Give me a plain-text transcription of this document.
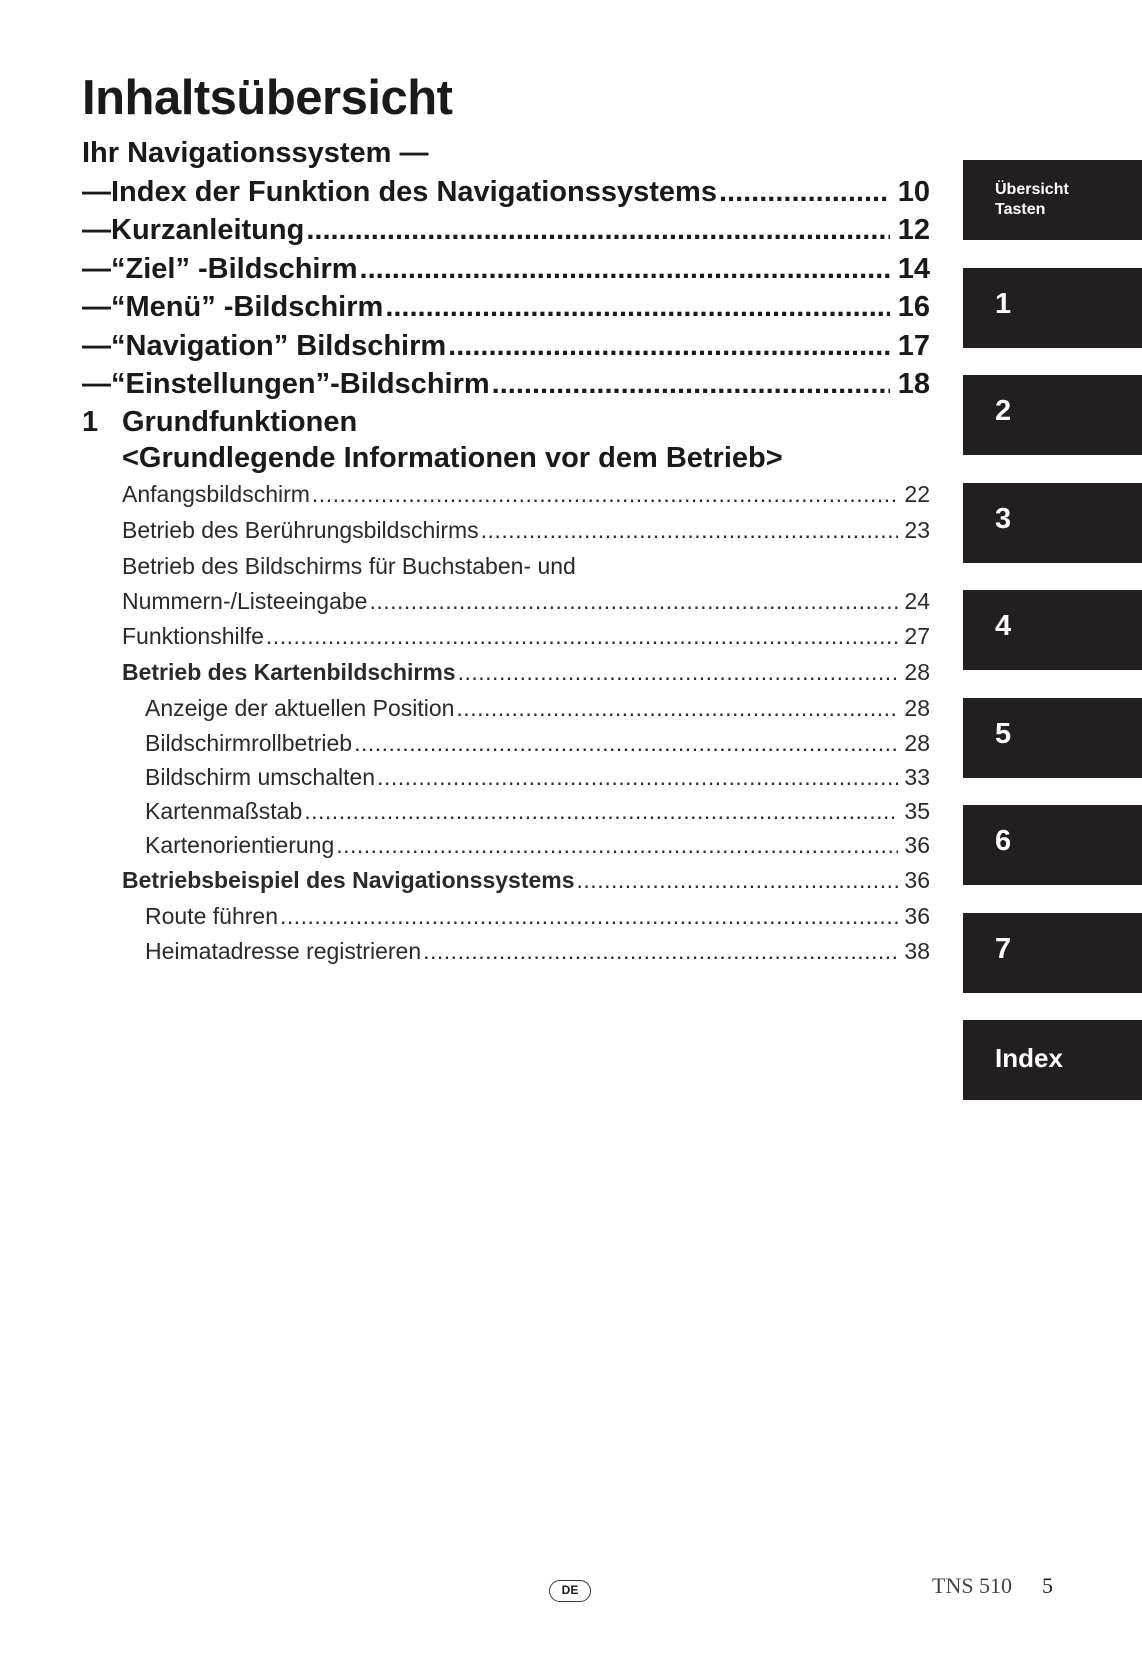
Inhaltsübersicht
Ihr Navigationssystem —
— Index der Funktion des Navigationssystems .....	10
— Kurzanleitung .....	12
— “Ziel” -Bildschirm .....	14
— “Menü” -Bildschirm .....	16
— “Navigation” Bildschirm .....	17
— “Einstellungen”-Bildschirm .....	18
1 Grundfunktionen
<Grundlegende Informationen vor dem Betrieb>
Anfangsbildschirm .....	22
Betrieb des Berührungsbildschirms .....	23
Betrieb des Bildschirms für Buchstaben- und
Nummern-/Listeeingabe .....	24
Funktionshilfe .....	27
Betrieb des Kartenbildschirms .....	28
Anzeige der aktuellen Position .....	28
Bildschirmrollbetrieb .....	28
Bildschirm umschalten .....	33
Kartenmaßstab .....	35
Kartenorientierung .....	36
Betriebsbeispiel des Navigationssystems .....	36
Route führen .....	36
Heimatadresse registrieren .....	38
Übersicht
Tasten
1
2
3
4
5
6
7
Index
DE	TNS 510 5
